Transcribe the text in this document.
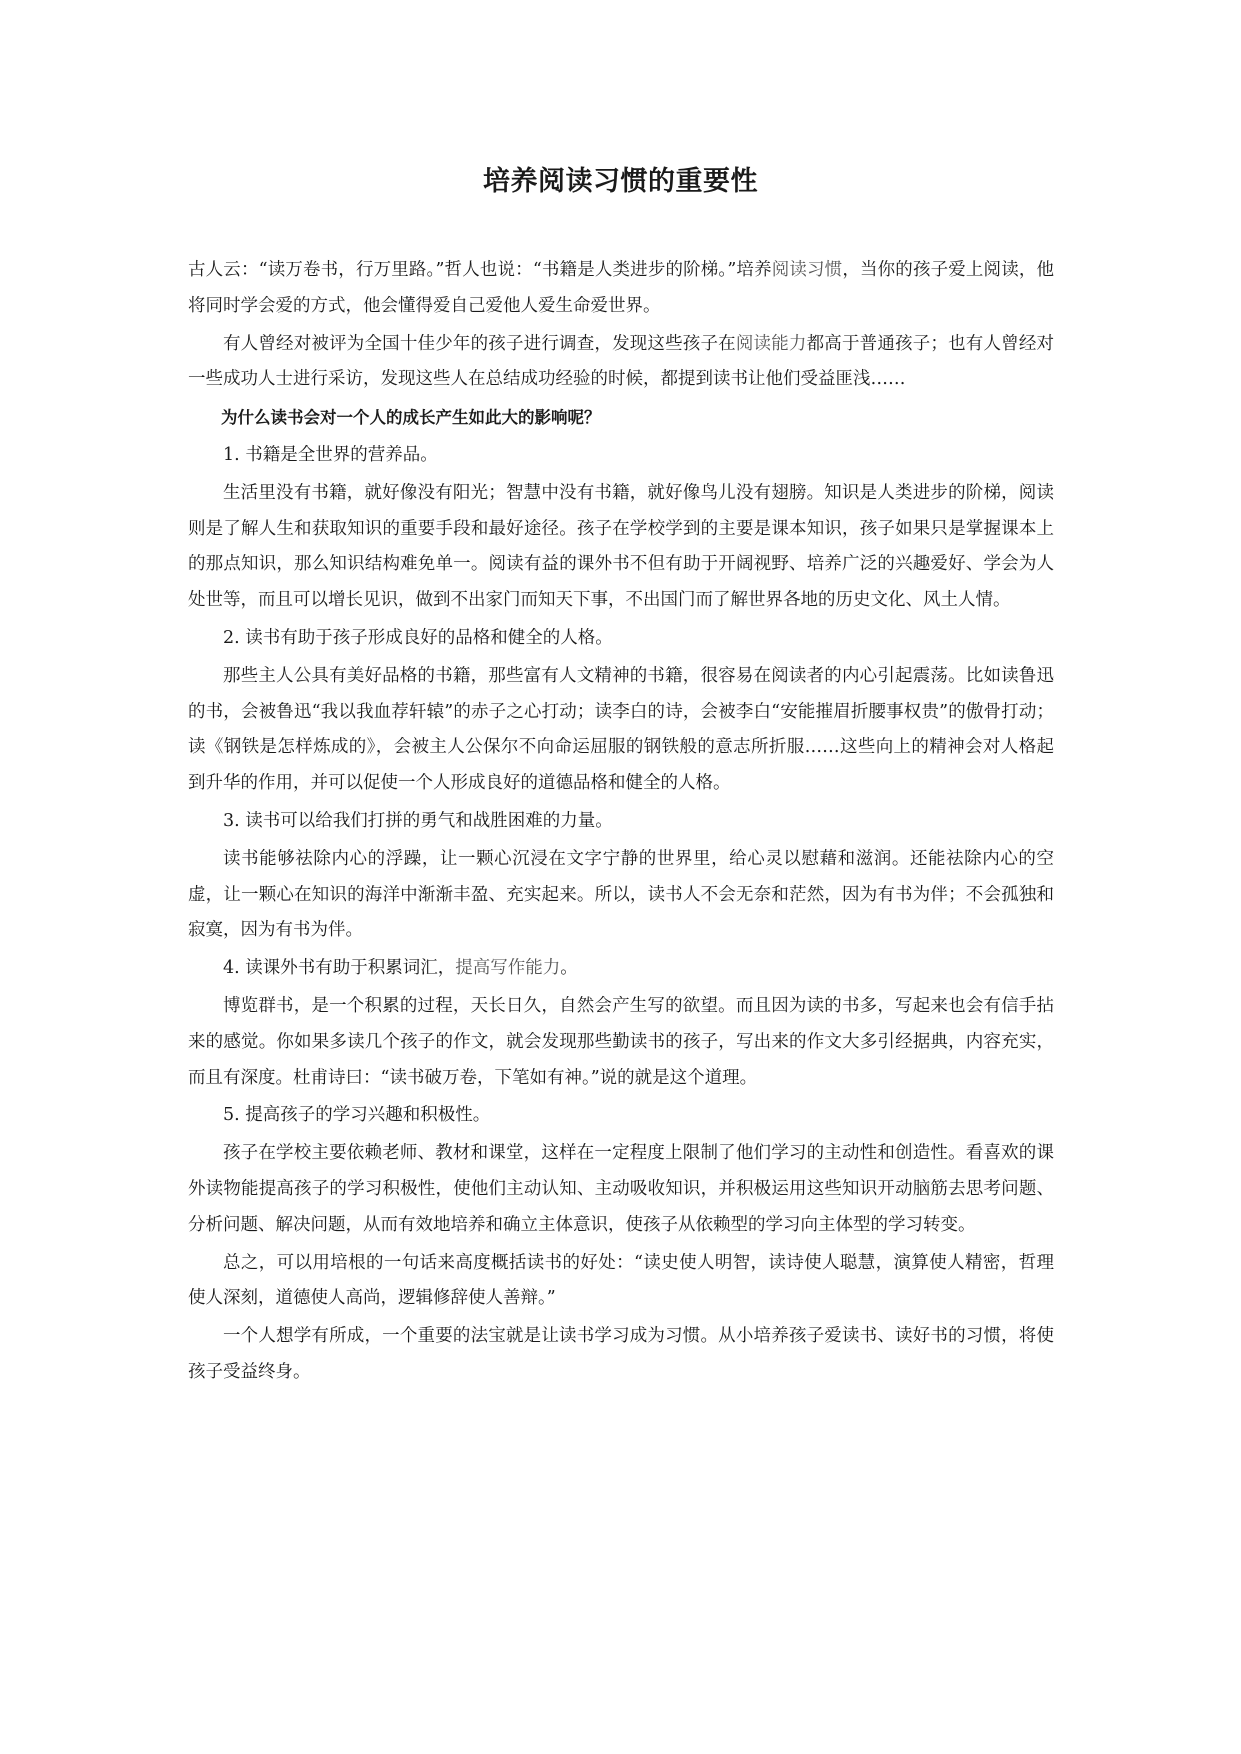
培养阅读习惯的重要性

古人云：“读万卷书，行万里路。”哲人也说：“书籍是人类进步的阶梯。”培养阅读习惯，当你的孩子爱上阅读，他将同时学会爱的方式，他会懂得爱自己爱他人爱生命爱世界。

有人曾经对被评为全国十佳少年的孩子进行调查，发现这些孩子在阅读能力都高于普通孩子；也有人曾经对一些成功人士进行采访，发现这些人在总结成功经验的时候，都提到读书让他们受益匪浅……

为什么读书会对一个人的成长产生如此大的影响呢？

1. 书籍是全世界的营养品。

生活里没有书籍，就好像没有阳光；智慧中没有书籍，就好像鸟儿没有翅膀。知识是人类进步的阶梯，阅读则是了解人生和获取知识的重要手段和最好途径。孩子在学校学到的主要是课本知识，孩子如果只是掌握课本上的那点知识，那么知识结构难免单一。阅读有益的课外书不但有助于开阔视野、培养广泛的兴趣爱好、学会为人处世等，而且可以增长见识，做到不出家门而知天下事，不出国门而了解世界各地的历史文化、风土人情。

2. 读书有助于孩子形成良好的品格和健全的人格。

那些主人公具有美好品格的书籍，那些富有人文精神的书籍，很容易在阅读者的内心引起震荡。比如读鲁迅的书，会被鲁迅“我以我血荐轩辕”的赤子之心打动；读李白的诗，会被李白“安能摧眉折腰事权贵”的傲骨打动；读《钢铁是怎样炼成的》，会被主人公保尔不向命运屈服的钢铁般的意志所折服……这些向上的精神会对人格起到升华的作用，并可以促使一个人形成良好的道德品格和健全的人格。

3. 读书可以给我们打拼的勇气和战胜困难的力量。

读书能够祛除内心的浮躁，让一颗心沉浸在文字宁静的世界里，给心灵以慰藉和滋润。还能祛除内心的空虚，让一颗心在知识的海洋中渐渐丰盈、充实起来。所以，读书人不会无奈和茫然，因为有书为伴；不会孤独和寂寞，因为有书为伴。

4. 读课外书有助于积累词汇，提高写作能力。

博览群书，是一个积累的过程，天长日久，自然会产生写的欲望。而且因为读的书多，写起来也会有信手拈来的感觉。你如果多读几个孩子的作文，就会发现那些勤读书的孩子，写出来的作文大多引经据典，内容充实，而且有深度。杜甫诗曰：“读书破万卷，下笔如有神。”说的就是这个道理。

5. 提高孩子的学习兴趣和积极性。

孩子在学校主要依赖老师、教材和课堂，这样在一定程度上限制了他们学习的主动性和创造性。看喜欢的课外读物能提高孩子的学习积极性，使他们主动认知、主动吸收知识，并积极运用这些知识开动脑筋去思考问题、分析问题、解决问题，从而有效地培养和确立主体意识，使孩子从依赖型的学习向主体型的学习转变。

总之，可以用培根的一句话来高度概括读书的好处：“读史使人明智，读诗使人聪慧，演算使人精密，哲理使人深刻，道德使人高尚，逻辑修辞使人善辩。”

一个人想学有所成，一个重要的法宝就是让读书学习成为习惯。从小培养孩子爱读书、读好书的习惯，将使孩子受益终身。
